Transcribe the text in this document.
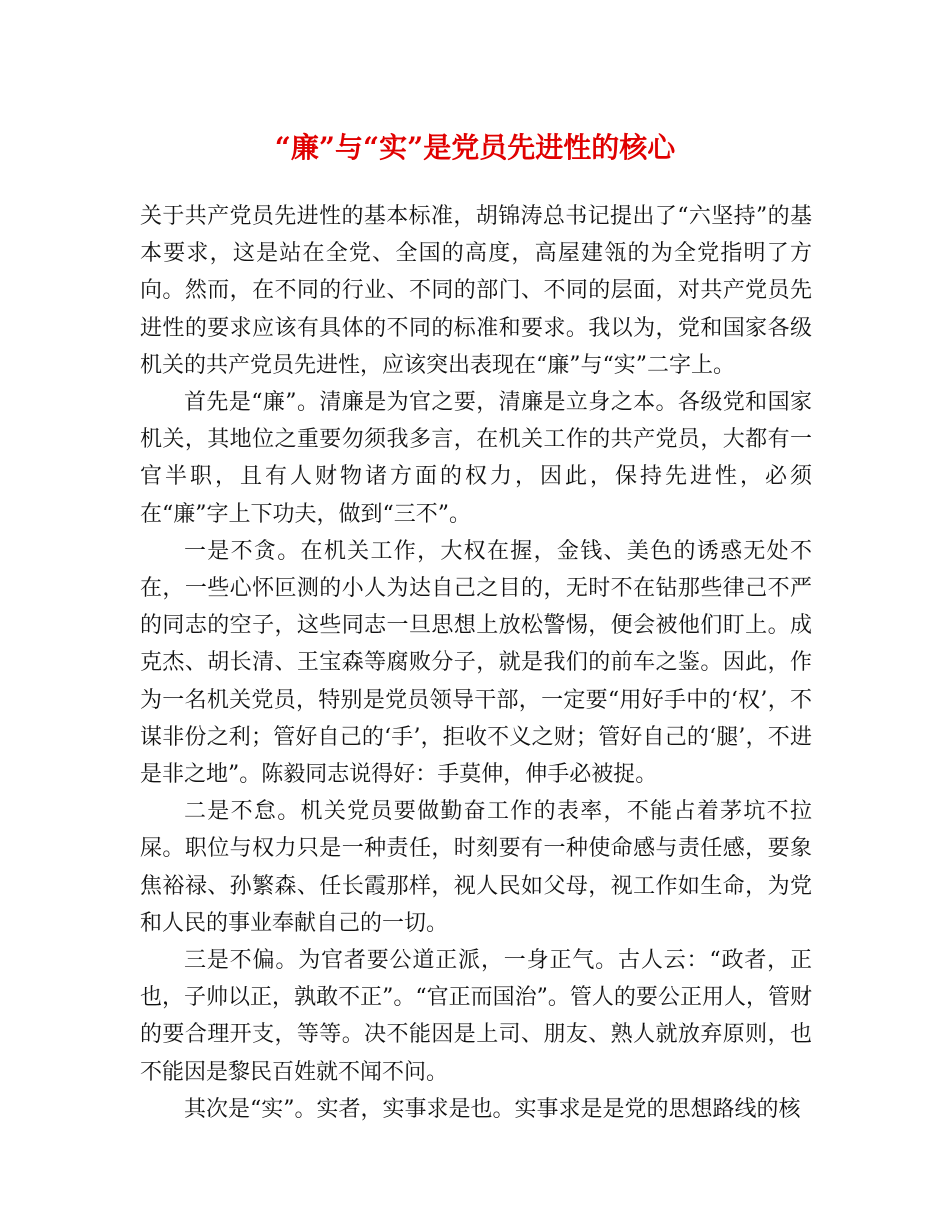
“廉”与“实”是党员先进性的核心

关于共产党员先进性的基本标准，胡锦涛总书记提出了“六坚持”的基本要求，这是站在全党、全国的高度，高屋建瓴的为全党指明了方向。然而，在不同的行业、不同的部门、不同的层面，对共产党员先进性的要求应该有具体的不同的标准和要求。我以为，党和国家各级机关的共产党员先进性，应该突出表现在“廉”与“实”二字上。

首先是“廉”。清廉是为官之要，清廉是立身之本。各级党和国家机关，其地位之重要勿须我多言，在机关工作的共产党员，大都有一官半职，且有人财物诸方面的权力，因此，保持先进性，必须在“廉”字上下功夫，做到“三不”。

一是不贪。在机关工作，大权在握，金钱、美色的诱惑无处不在，一些心怀叵测的小人为达自己之目的，无时不在钻那些律己不严的同志的空子，这些同志一旦思想上放松警惕，便会被他们盯上。成克杰、胡长清、王宝森等腐败分子，就是我们的前车之鉴。因此，作为一名机关党员，特别是党员领导干部，一定要“用好手中的‘权’，不谋非份之利；管好自己的‘手’，拒收不义之财；管好自己的‘腿’，不进是非之地”。陈毅同志说得好：手莫伸，伸手必被捉。

二是不怠。机关党员要做勤奋工作的表率，不能占着茅坑不拉屎。职位与权力只是一种责任，时刻要有一种使命感与责任感，要象焦裕禄、孙繁森、任长霞那样，视人民如父母，视工作如生命，为党和人民的事业奉献自己的一切。

三是不偏。为官者要公道正派，一身正气。古人云：“政者，正也，子帅以正，孰敢不正”。“官正而国治”。管人的要公正用人，管财的要合理开支，等等。决不能因是上司、朋友、熟人就放弃原则，也不能因是黎民百姓就不闻不问。

其次是“实”。实者，实事求是也。实事求是是党的思想路线的核
